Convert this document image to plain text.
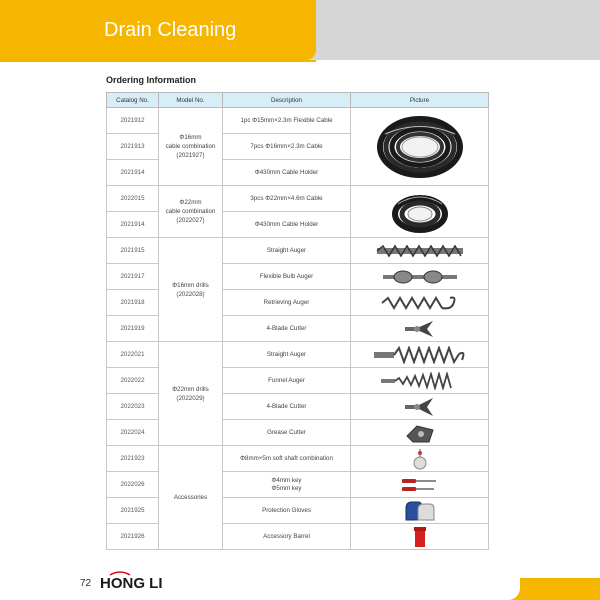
Drain Cleaning
Ordering Information
Catalog No.	Model No.	Description	Picture
2021912	Φ16mm
cable combination
(2021927)	1pc Φ15mm×2.3m Flexible Cable	

2021913		7pcs Φ16mm×2.3m Cable	
2021914		Φ430mm Cable Holder	
2022015	Φ22mm
cable combination
(2022027)	3pcs Φ22mm×4.6m Cable	

2021914		Φ430mm Cable Holder	
2021915	Φ16mm drills
(2022028)	Straight Auger	

2021917		Flexible Bulb Auger	

2021918		Retrieving Auger	

2021919		4-Blade Cutter	

2022021	Φ22mm drills
(2022029)	Straight Auger	

2022022		Funnel Auger	

2022023		4-Blade Cutter	

2022024		Grease Cutter	

2021923	Accessories	Φ8mm×5m soft shaft combination	

2022026		Φ4mm key
Φ5mm key

2021925		Protection Gloves	

2021926		Accessory Barrel	
72 HONG LI
